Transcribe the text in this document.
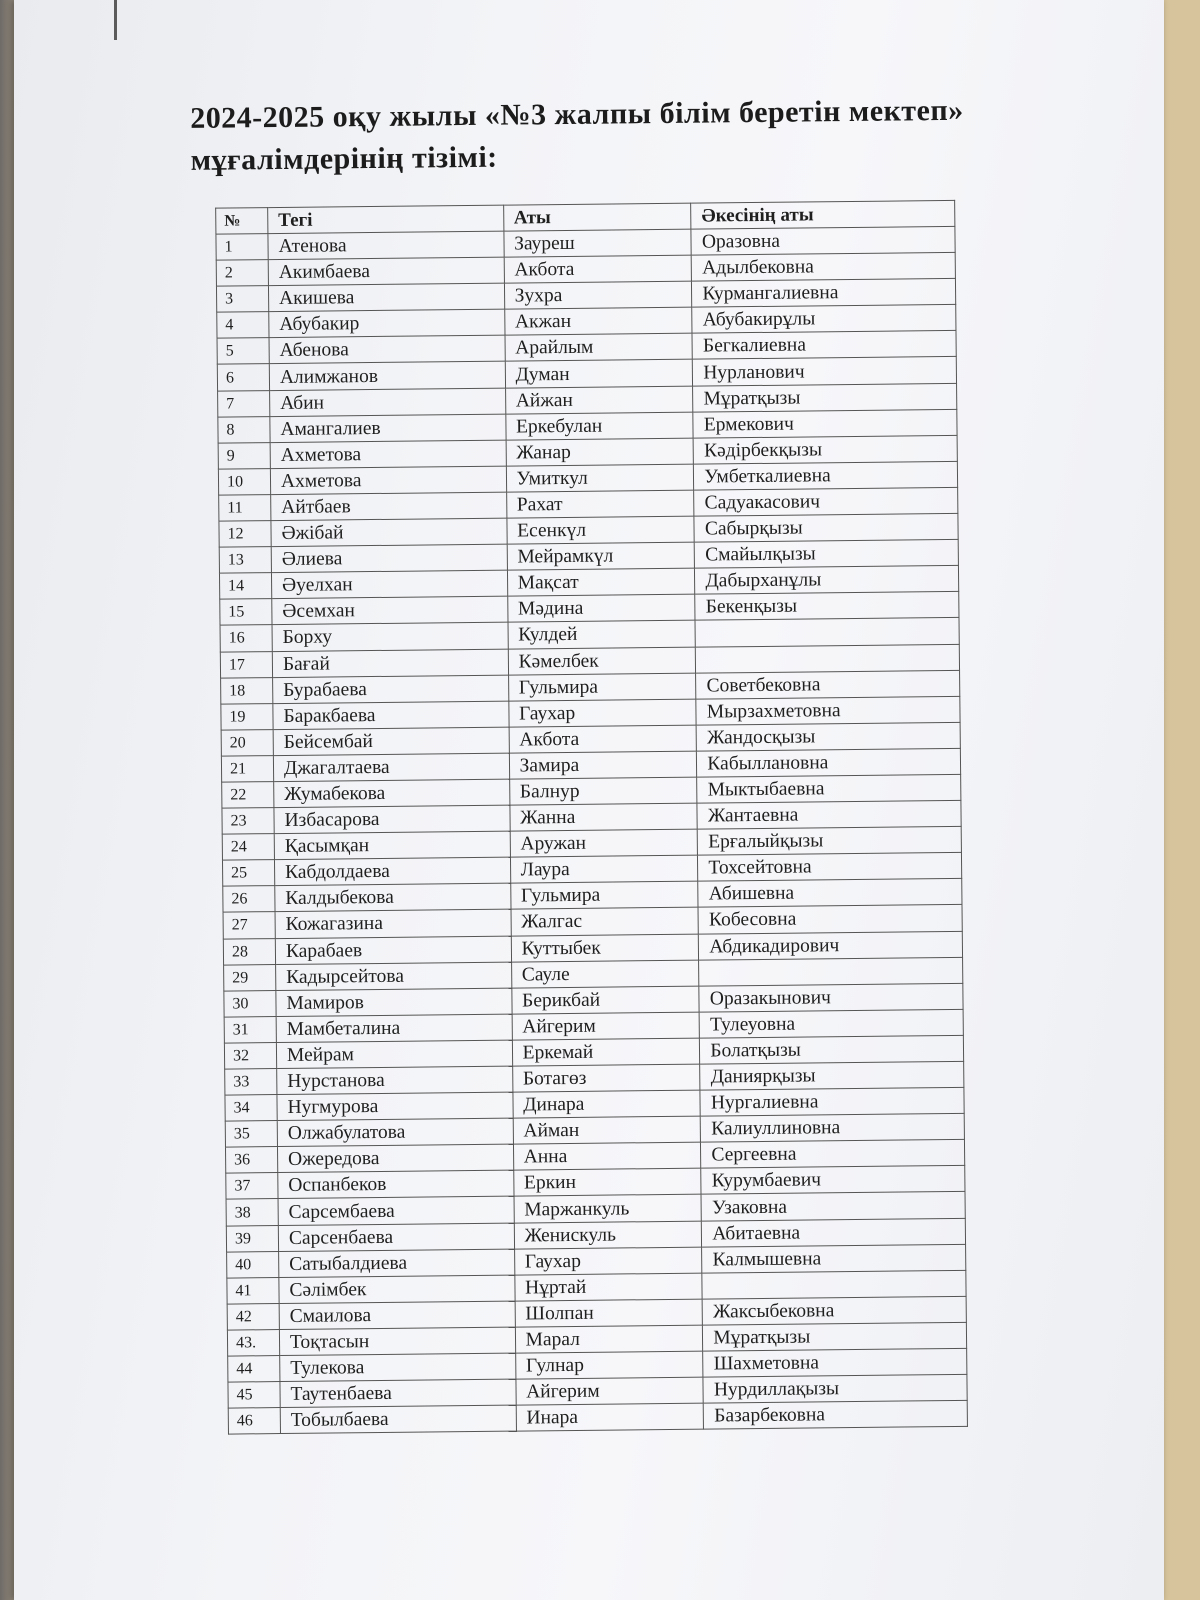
2024-2025 оқу жылы «№3 жалпы білім беретін мектеп»
мұғалімдерінің тізімі:
№	Тегі	Аты	Әкесінің аты
1	Атенова	Зауреш	Оразовна
2	Акимбаева	Акбота	Адылбековна
3	Акишева	Зухра	Курмангалиевна
4	Абубакир	Акжан	Абубакирұлы
5	Абенова	Арайлым	Бегкалиевна
6	Алимжанов	Думан	Нурланович
7	Абин	Айжан	Мұратқызы
8	Амангалиев	Еркебулан	Ермекович
9	Ахметова	Жанар	Кәдірбекқызы
10	Ахметова	Умиткул	Умбеткалиевна
11	Айтбаев	Рахат	Садуакасович
12	Әжібай	Есенкүл	Сабырқызы
13	Әлиева	Мейрамкүл	Смайылқызы
14	Әуелхан	Мақсат	Дабырханұлы
15	Әсемхан	Мәдина	Бекенқызы
16	Борху	Кулдей	
17	Бағай	Кәмелбек	
18	Бурабаева	Гульмира	Советбековна
19	Баракбаева	Гаухар	Мырзахметовна
20	Бейсембай	Акбота	Жандосқызы
21	Джагалтаева	Замира	Кабыллановна
22	Жумабекова	Балнур	Мыктыбаевна
23	Избасарова	Жанна	Жантаевна
24	Қасымқан	Аружан	Ерғалыйқызы
25	Кабдолдаева	Лаура	Тохсейтовна
26	Калдыбекова	Гульмира	Абишевна
27	Кожагазина	Жалгас	Кобесовна
28	Карабаев	Куттыбек	Абдикадирович
29	Кадырсейтова	Сауле	
30	Мамиров	Берикбай	Оразакынович
31	Мамбеталина	Айгерим	Тулеуовна
32	Мейрам	Еркемай	Болатқызы
33	Нурстанова	Ботагөз	Даниярқызы
34	Нугмурова	Динара	Нургалиевна
35	Олжабулатова	Айман	Калиуллиновна
36	Ожередова	Анна	Сергеевна
37	Оспанбеков	Еркин	Курумбаевич
38	Сарсембаева	Маржанкуль	Узаковна
39	Сарсенбаева	Женискуль	Абитаевна
40	Сатыбалдиева	Гаухар	Калмышевна
41	Сәлімбек	Нұртай	
42	Смаилова	Шолпан	Жаксыбековна
43.	Тоқтасын	Марал	Мұратқызы
44	Тулекова	Гулнар	Шахметовна
45	Таутенбаева	Айгерим	Нурдиллақызы
46	Тобылбаева	Инара	Базарбековна
